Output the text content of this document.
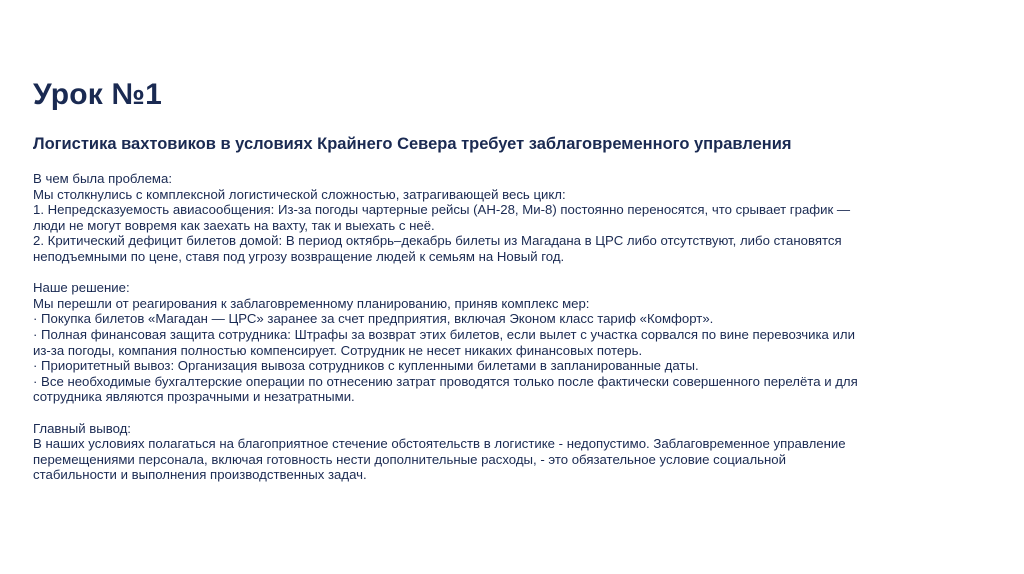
Урок №1
Логистика вахтовиков в условиях Крайнего Севера требует заблаговременного управления
В чем была проблема:
Мы столкнулись с комплексной логистической сложностью, затрагивающей весь цикл:
1. Непредсказуемость авиасообщения: Из-за погоды чартерные рейсы (АН-28, Ми-8) постоянно переносятся, что срывает график —
люди не могут вовремя как заехать на вахту, так и выехать с неё.
2. Критический дефицит билетов домой: В период октябрь–декабрь билеты из Магадана в ЦРС либо отсутствуют, либо становятся
неподъемными по цене, ставя под угрозу возвращение людей к семьям на Новый год.
Наше решение:
Мы перешли от реагирования к заблаговременному планированию, приняв комплекс мер:
· Покупка билетов «Магадан — ЦРС» заранее за счет предприятия, включая Эконом класс тариф «Комфорт».
· Полная финансовая защита сотрудника: Штрафы за возврат этих билетов, если вылет с участка сорвался по вине перевозчика или
из-за погоды, компания полностью компенсирует. Сотрудник не несет никаких финансовых потерь.
· Приоритетный вывоз: Организация вывоза сотрудников с купленными билетами в запланированные даты.
· Все необходимые бухгалтерские операции по отнесению затрат проводятся только после фактически совершенного перелёта и для
сотрудника являются прозрачными и незатратными.
Главный вывод:
В наших условиях полагаться на благоприятное стечение обстоятельств в логистике - недопустимо. Заблаговременное управление
перемещениями персонала, включая готовность нести дополнительные расходы, - это обязательное условие социальной
стабильности и выполнения производственных задач.
